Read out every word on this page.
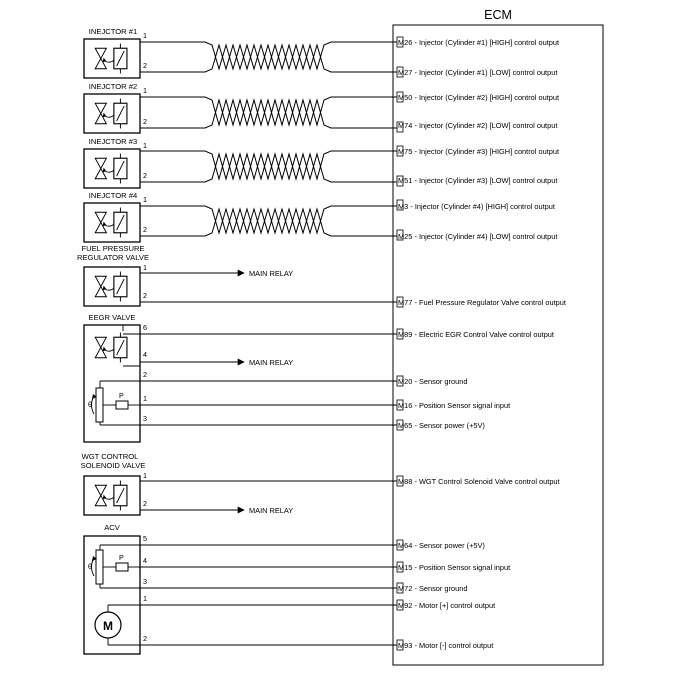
ECM
INEJCTOR #1 1
2
M26 - Injector (Cylinder #1) [HIGH] control output
M27 - Injector (Cylinder #1) [LOW] control output
INEJCTOR #2 1
2
M50 - Injector (Cylinder #2) [HIGH] control output
M74 - Injector (Cylinder #2) [LOW] control output
INEJCTOR #3 1
2
M75 - Injector (Cylinder #3) [HIGH] control output
M51 - Injector (Cylinder #3) [LOW] control output
INEJCTOR #4 1
2
M3 - Injector (Cylinder #4) [HIGH] control output
M25 - Injector (Cylinder #4) [LOW] control output
FUEL PRESSURE
REGULATOR VALVE
1
MAIN RELAY
2
M77 - Fuel Pressure Regulator Valve control output
EEGR VALVE
θ
P
6
M89 - Electric EGR Control Valve control output
4
MAIN RELAY
2
M20 - Sensor ground
1
M16 - Position Sensor signal input
3
M65 - Sensor power (+5V)
WGT CONTROL
SOLENOID VALVE
1
M88 - WGT Control Solenoid Valve control output
2
MAIN RELAY
ACV
θ
P
M
5
M64 - Sensor power (+5V)
4
M15 - Position Sensor signal input
3
M72 - Sensor ground
1
M92 - Motor [+] control output
2
M93 - Motor [-] control output
